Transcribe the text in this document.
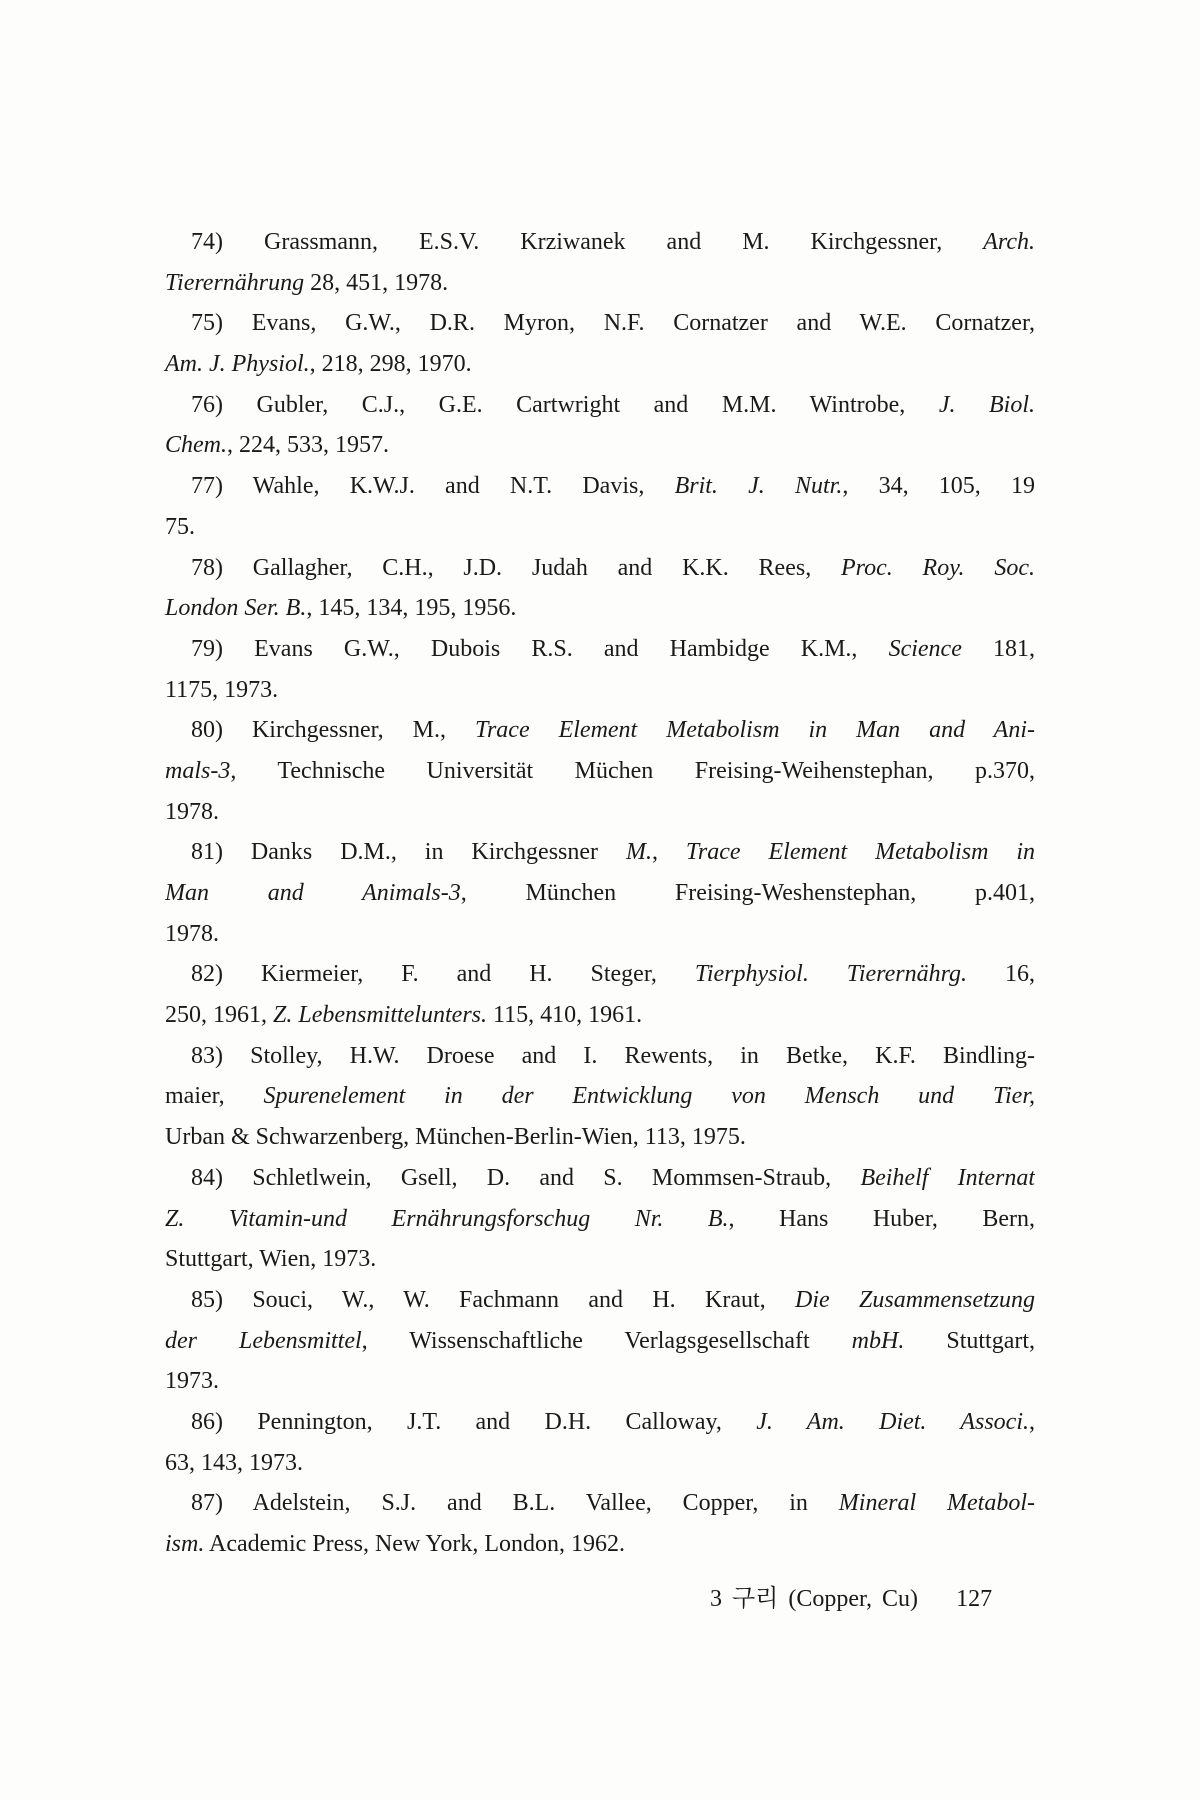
74) Grassmann, E.S.V. Krziwanek and M. Kirchgessner, Arch.
Tierernährung 28, 451, 1978.
75) Evans, G.W., D.R. Myron, N.F. Cornatzer and W.E. Cornatzer,
Am. J. Physiol., 218, 298, 1970.
76) Gubler, C.J., G.E. Cartwright and M.M. Wintrobe, J. Biol.
Chem., 224, 533, 1957.
77) Wahle, K.W.J. and N.T. Davis, Brit. J. Nutr., 34, 105, 19
75.
78) Gallagher, C.H., J.D. Judah and K.K. Rees, Proc. Roy. Soc.
London Ser. B., 145, 134, 195, 1956.
79) Evans G.W., Dubois R.S. and Hambidge K.M., Science 181,
1175, 1973.
80) Kirchgessner, M., Trace Element Metabolism in Man and Ani-
mals-3, Technische Universität Müchen Freising-Weihenstephan, p.370,
1978.
81) Danks D.M., in Kirchgessner M., Trace Element Metabolism in
Man and Animals-3, München Freising-Weshenstephan, p.401,
1978.
82) Kiermeier, F. and H. Steger, Tierphysiol. Tierernährg. 16,
250, 1961, Z. Lebensmittelunters. 115, 410, 1961.
83) Stolley, H.W. Droese and I. Rewents, in Betke, K.F. Bindling-
maier, Spurenelement in der Entwicklung von Mensch und Tier,
Urban & Schwarzenberg, München-Berlin-Wien, 113, 1975.
84) Schletlwein, Gsell, D. and S. Mommsen-Straub, Beihelf Internat
Z. Vitamin-und Ernährungsforschug Nr. B., Hans Huber, Bern,
Stuttgart, Wien, 1973.
85) Souci, W., W. Fachmann and H. Kraut, Die Zusammensetzung
der Lebensmittel, Wissenschaftliche Verlagsgesellschaft mbH. Stuttgart,
1973.
86) Pennington, J.T. and D.H. Calloway, J. Am. Diet. Associ.,
63, 143, 1973.
87) Adelstein, S.J. and B.L. Vallee, Copper, in Mineral Metabol-
ism. Academic Press, New York, London, 1962.
3 구리 (Copper, Cu) 127
